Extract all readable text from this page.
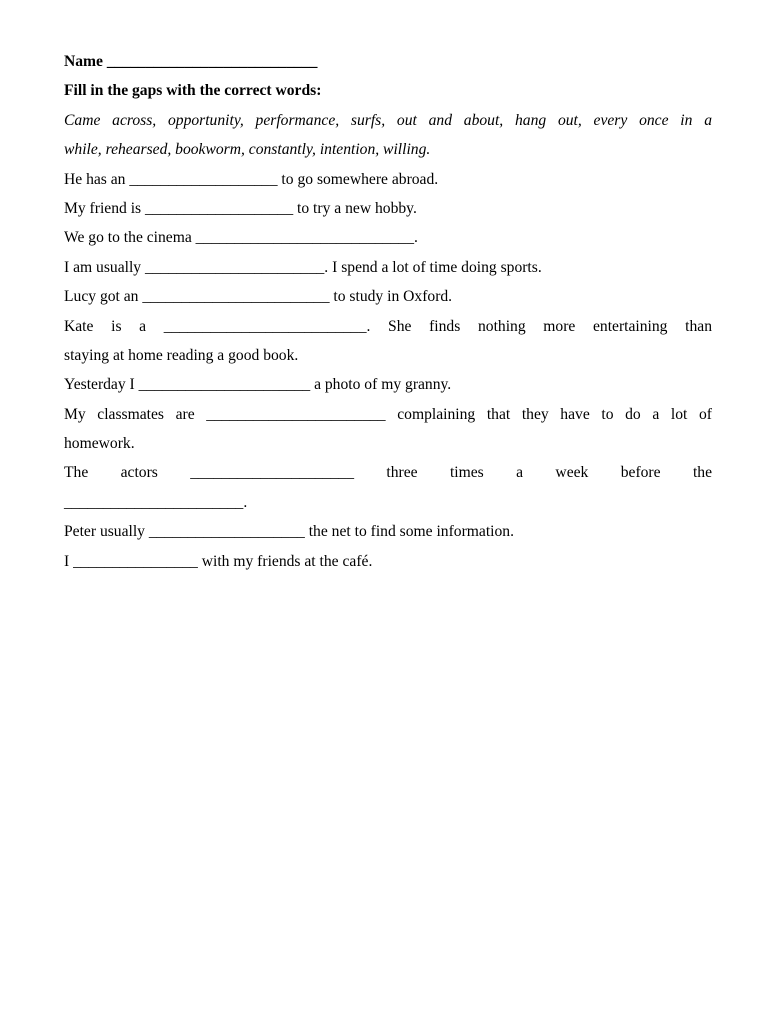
Name ___________________________
Fill in the gaps with the correct words:
Came across, opportunity, performance, surfs, out and about, hang out, every once in a
while, rehearsed, bookworm, constantly, intention, willing.
He has an ___________________ to go somewhere abroad.
My friend is ___________________ to try a new hobby.
We go to the cinema ____________________________.
I am usually _______________________. I spend a lot of time doing sports.
Lucy got an ________________________ to study in Oxford.
Kate is a __________________________. She finds nothing more entertaining than
staying at home reading a good book.
Yesterday I ______________________ a photo of my granny.
My classmates are _______________________ complaining that they have to do a lot of
homework.
The actors _____________________ three times a week before the
_______________________.
Peter usually ____________________ the net to find some information.
I ________________ with my friends at the café.
